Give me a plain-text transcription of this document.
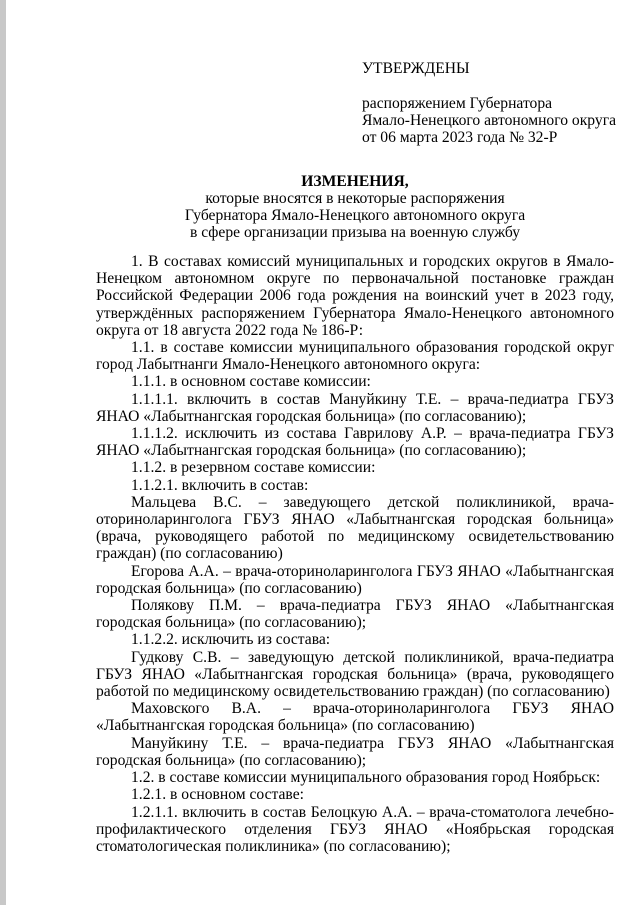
УТВЕРЖДЕНЫ
распоряжением Губернатора
Ямало-Ненецкого автономного округа
от 06 марта 2023 года № 32-Р
ИЗМЕНЕНИЯ,
которые вносятся в некоторые распоряжения
Губернатора Ямало-Ненецкого автономного округа
в сфере организации призыва на военную службу

1. В составах комиссий муниципальных и городских округов в Ямало-Ненецком автономном округе по первоначальной постановке граждан Российской Федерации 2006 года рождения на воинский учет в 2023 году, утверждённых распоряжением Губернатора Ямало-Ненецкого автономного округа от 18 августа 2022 года № 186-Р:

1.1. в составе комиссии муниципального образования городской округ город Лабытнанги Ямало-Ненецкого автономного округа:

1.1.1. в основном составе комиссии:

1.1.1.1. включить в состав Мануйкину Т.Е. – врача-педиатра ГБУЗ ЯНАО «Лабытнангская городская больница» (по согласованию);

1.1.1.2. исключить из состава Гаврилову А.Р. – врача-педиатра ГБУЗ ЯНАО «Лабытнангская городская больница» (по согласованию);

1.1.2. в резервном составе комиссии:

1.1.2.1. включить в состав:

Мальцева В.С. – заведующего детской поликлиникой, врача-оториноларинголога ГБУЗ ЯНАО «Лабытнангская городская больница» (врача, руководящего работой по медицинскому освидетельствованию граждан) (по согласованию)

Егорова А.А. – врача-оториноларинголога ГБУЗ ЯНАО «Лабытнангская городская больница» (по согласованию)

Полякову П.М. – врача-педиатра ГБУЗ ЯНАО «Лабытнангская городская больница» (по согласованию);

1.1.2.2. исключить из состава:

Гудкову С.В. – заведующую детской поликлиникой, врача-педиатра ГБУЗ ЯНАО «Лабытнангская городская больница» (врача, руководящего работой по медицинскому освидетельствованию граждан) (по согласованию)

Маховского В.А. – врача-оториноларинголога ГБУЗ ЯНАО «Лабытнангская городская больница» (по согласованию)

Мануйкину Т.Е. – врача-педиатра ГБУЗ ЯНАО «Лабытнангская городская больница» (по согласованию);

1.2. в составе комиссии муниципального образования город Ноябрьск:

1.2.1. в основном составе:

1.2.1.1. включить в состав Белоцкую А.А. – врача-стоматолога лечебно-профилактического отделения ГБУЗ ЯНАО «Ноябрьская городская стоматологическая поликлиника» (по согласованию);
